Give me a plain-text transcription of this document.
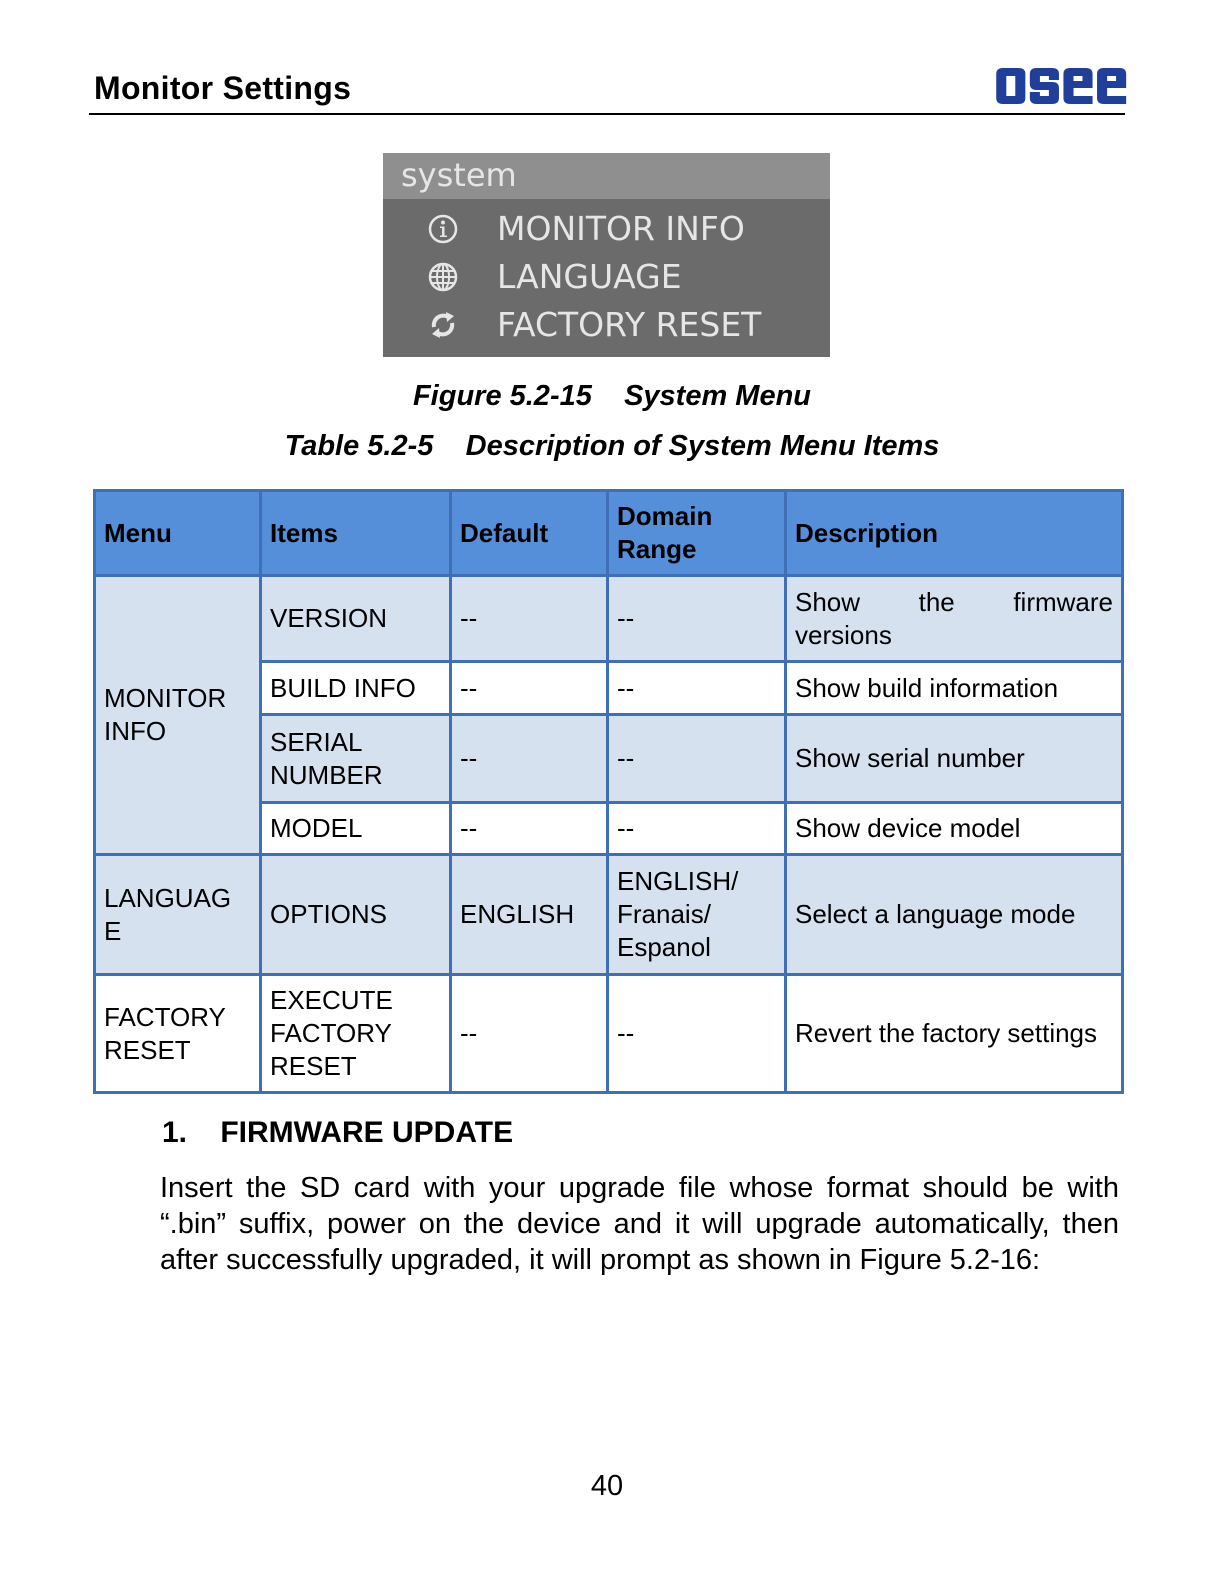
Monitor Settings
system
MONITOR INFO
LANGUAGE
FACTORY RESET
Figure 5.2-15    System Menu
Table 5.2-5    Description of System Menu Items
Menu	Items	Default	Domain Range	Description
MONITOR INFO	VERSION	--	--	Show the firmware versions
	BUILD INFO	--	--	Show build information
	SERIAL NUMBER	--	--	Show serial number
	MODEL	--	--	Show device model
LANGUAG E	OPTIONS	ENGLISH	ENGLISH/ Franais/ Espanol	Select a language mode
FACTORY RESET	EXECUTE FACTORY RESET	--	--	Revert the factory settings
1.    FIRMWARE UPDATE
Insert the SD card with your upgrade file whose format should be with “.bin” suffix, power on the device and it will upgrade automatically, then after successfully upgraded, it will prompt as shown in Figure 5.2-16:
40
